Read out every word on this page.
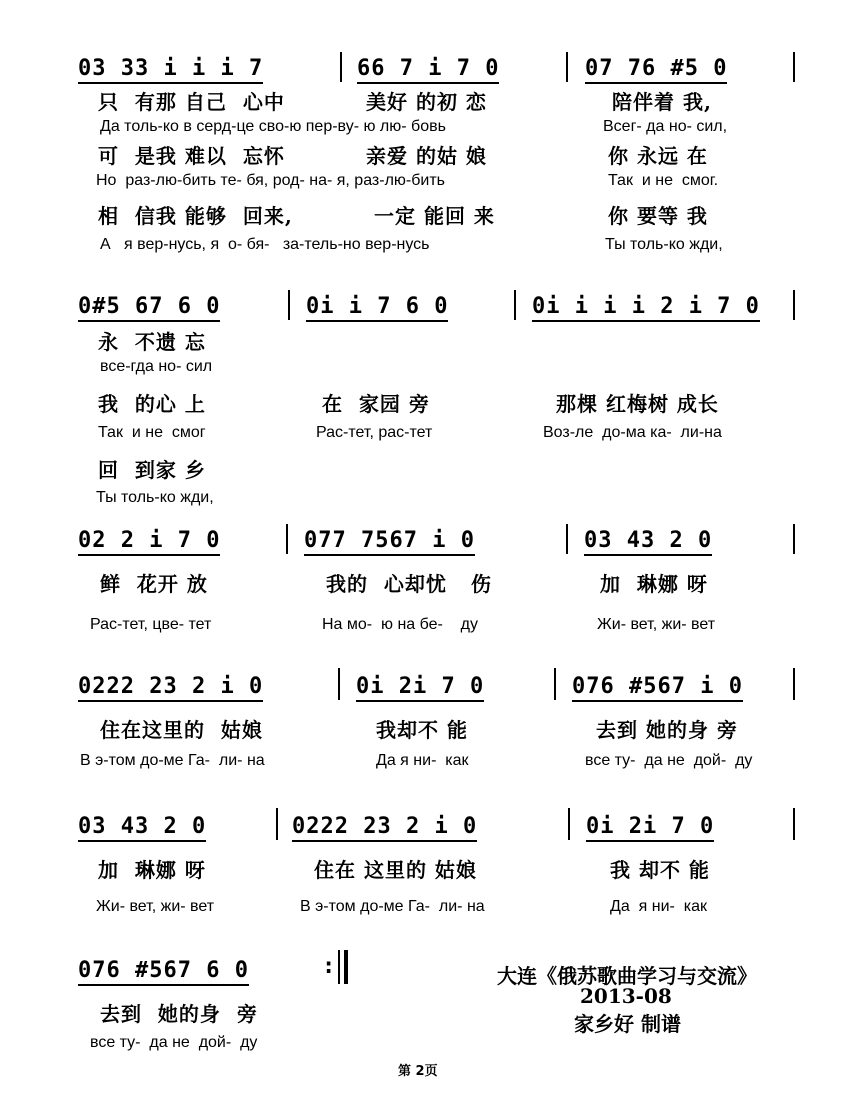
03 33 i i i 7	66 7 i 7 0	07 76 #5 0
只  有那 自己  心中	美好 的初 恋	陪伴着 我,
Да толь-ко в серд-це сво-ю пер-ву- ю лю- бовь	Всег- да но- сил,
可  是我 难以  忘怀	亲爱 的姑 娘	你 永远 在
Но  раз-лю-бить те- бя, род- на- я, раз-лю-бить	Так  и не  смог.
相  信我 能够  回来,	一定 能回 来	你 要等 我
А   я вер-нусь, я  о- бя-   за-тель-но вер-нусь	Ты толь-ко жди,
0#5 67 6 0	0i i 7 6 0	0i i i i 2 i 7 0
永  不遗 忘
все-гда но- сил
我  的心 上	在  家园 旁	那棵 红梅树 成长
Так  и не  смог	Рас-тет, рас-тет	Воз-ле  до-ма ка-  ли-на
回  到家 乡
Ты толь-ко жди,
02 2 i 7 0	077 7567 i 0	03 43 2 0
鲜  花开 放	我的  心却忧   伤	加  琳娜 呀
Рас-тет, цве- тет	На мо-  ю на бе-    ду	Жи- вет, жи- вет
0222 23 2 i 0	0i 2i 7 0	076 #567 i 0
住在这里的  姑娘	我却不 能	去到 她的身 旁
В э-том до-ме Га-  ли- на	Да я ни-  как	все ту-  да не  дой-  ду
03 43 2 0	0222 23 2 i 0	0i 2i 7 0
加  琳娜 呀	住在 这里的 姑娘	我 却不 能
Жи- вет, жи- вет	В э-том до-ме Га-  ли- на	Да  я ни-  как
076 #567 6 0	:
去到  她的身  旁
все ту-  да не  дой-  ду
大连《俄苏歌曲学习与交流》
2013-08
家乡好 制谱
第 2页
